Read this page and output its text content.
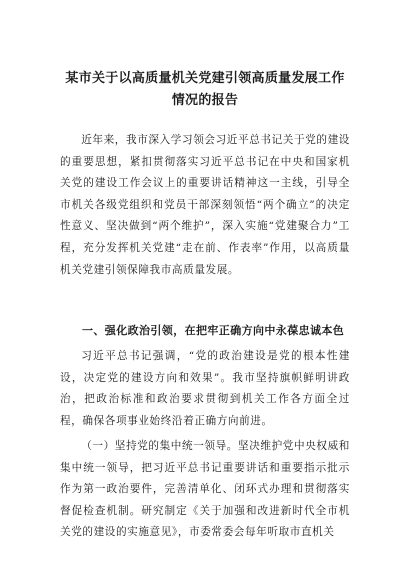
某市关于以高质量机关党建引领高质量发展工作情况的报告
近年来，我市深入学习领会习近平总书记关于党的建设的重要思想，紧扣贯彻落实习近平总书记在中央和国家机关党的建设工作会议上的重要讲话精神这一主线，引导全市机关各级党组织和党员干部深刻领悟“两个确立”的决定性意义、坚决做到“两个维护”，深入实施“党建聚合力”工程，充分发挥机关党建“走在前、作表率”作用，以高质量机关党建引领保障我市高质量发展。
一、强化政治引领，在把牢正确方向中永葆忠诚本色
习近平总书记强调，“党的政治建设是党的根本性建设，决定党的建设方向和效果”。我市坚持旗帜鲜明讲政治，把政治标准和政治要求贯彻到机关工作各方面全过程，确保各项事业始终沿着正确方向前进。
（一）坚持党的集中统一领导。坚决维护党中央权威和集中统一领导，把习近平总书记重要讲话和重要指示批示作为第一政治要件，完善清单化、闭环式办理和贯彻落实督促检查机制。研究制定《关于加强和改进新时代全市机关党的建设的实施意见》，市委常委会每年听取市直机关
